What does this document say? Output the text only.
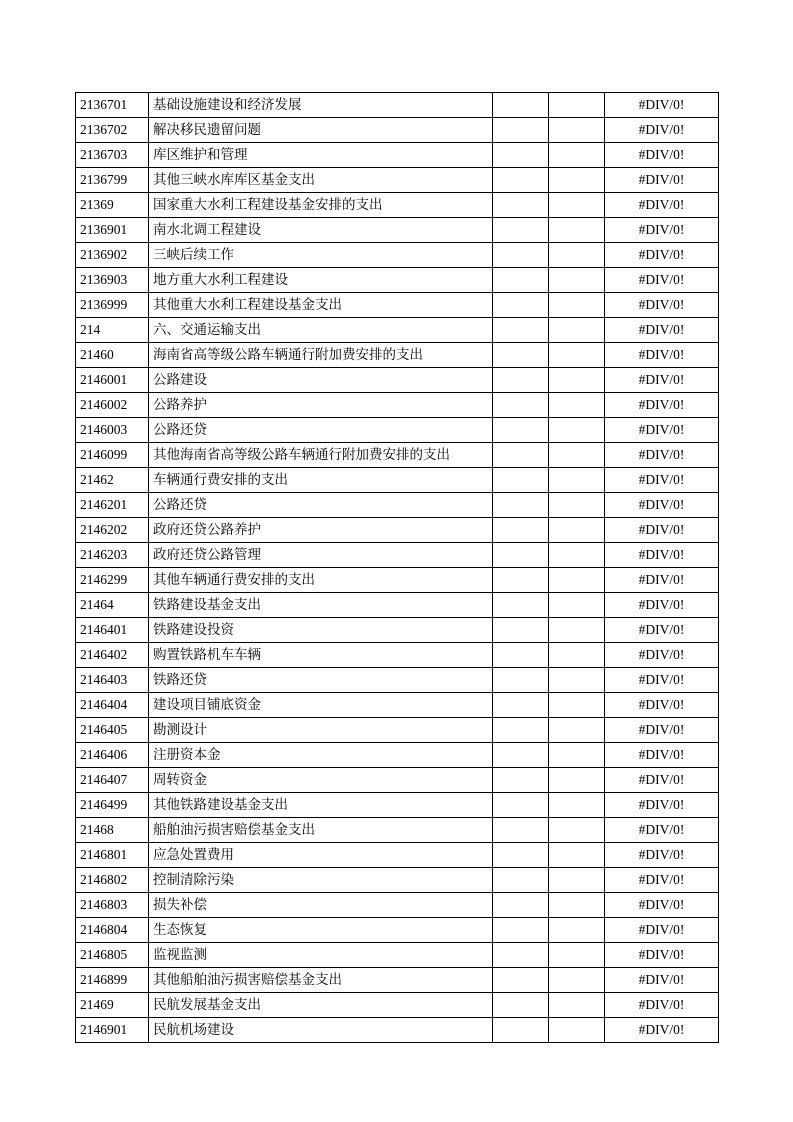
2136701	基础设施建设和经济发展			#DIV/0!
2136702	解决移民遗留问题			#DIV/0!
2136703	库区维护和管理			#DIV/0!
2136799	其他三峡水库库区基金支出			#DIV/0!
21369	国家重大水利工程建设基金安排的支出			#DIV/0!
2136901	南水北调工程建设			#DIV/0!
2136902	三峡后续工作			#DIV/0!
2136903	地方重大水利工程建设			#DIV/0!
2136999	其他重大水利工程建设基金支出			#DIV/0!
214	六、交通运输支出			#DIV/0!
21460	海南省高等级公路车辆通行附加费安排的支出			#DIV/0!
2146001	公路建设			#DIV/0!
2146002	公路养护			#DIV/0!
2146003	公路还贷			#DIV/0!
2146099	其他海南省高等级公路车辆通行附加费安排的支出			#DIV/0!
21462	车辆通行费安排的支出			#DIV/0!
2146201	公路还贷			#DIV/0!
2146202	政府还贷公路养护			#DIV/0!
2146203	政府还贷公路管理			#DIV/0!
2146299	其他车辆通行费安排的支出			#DIV/0!
21464	铁路建设基金支出			#DIV/0!
2146401	铁路建设投资			#DIV/0!
2146402	购置铁路机车车辆			#DIV/0!
2146403	铁路还贷			#DIV/0!
2146404	建设项目铺底资金			#DIV/0!
2146405	勘测设计			#DIV/0!
2146406	注册资本金			#DIV/0!
2146407	周转资金			#DIV/0!
2146499	其他铁路建设基金支出			#DIV/0!
21468	船舶油污损害赔偿基金支出			#DIV/0!
2146801	应急处置费用			#DIV/0!
2146802	控制清除污染			#DIV/0!
2146803	损失补偿			#DIV/0!
2146804	生态恢复			#DIV/0!
2146805	监视监测			#DIV/0!
2146899	其他船舶油污损害赔偿基金支出			#DIV/0!
21469	民航发展基金支出			#DIV/0!
2146901	民航机场建设			#DIV/0!
